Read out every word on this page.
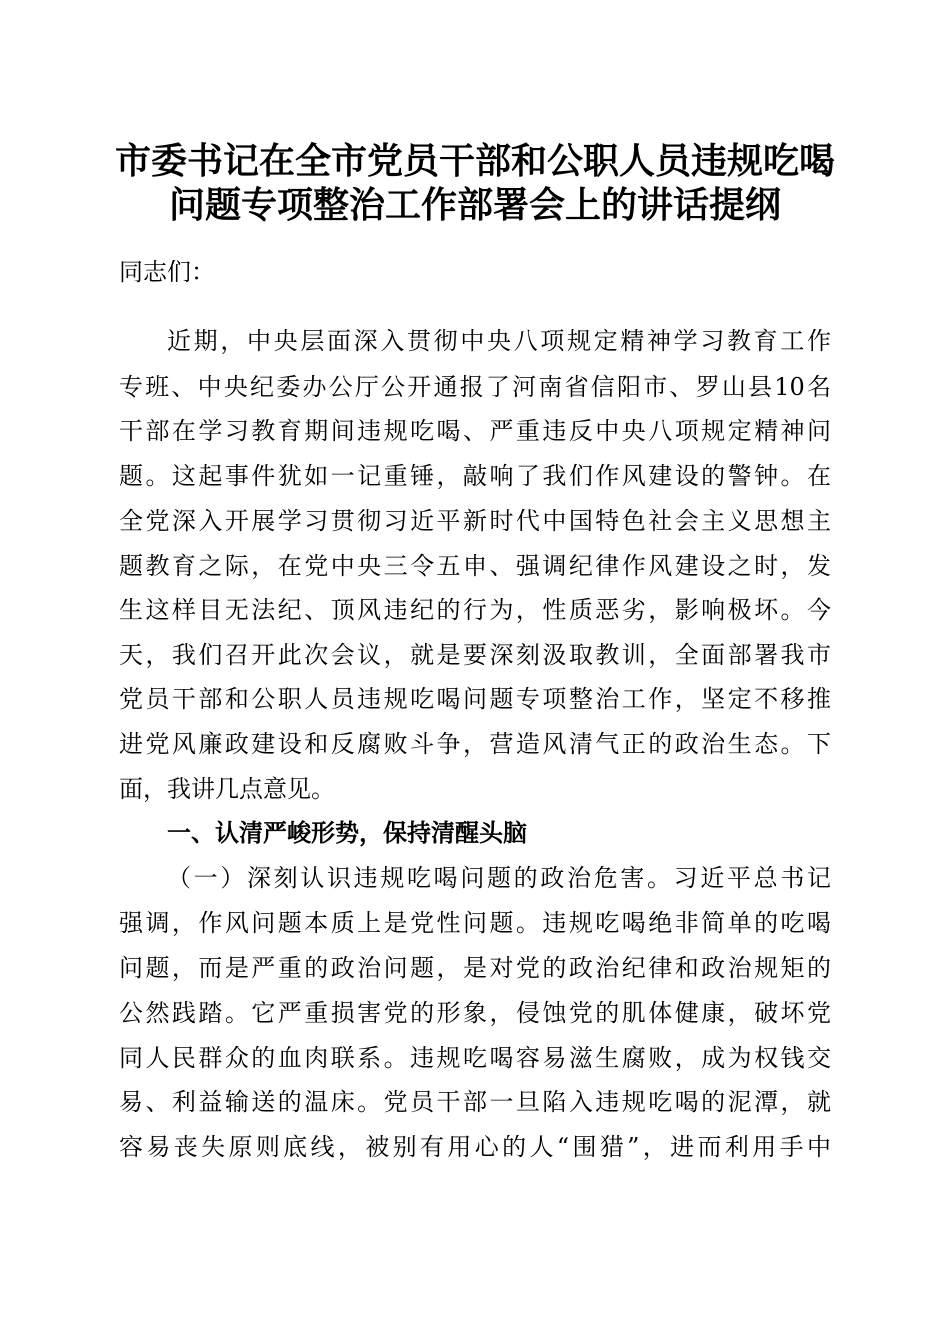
市委书记在全市党员干部和公职人员违规吃喝
问题专项整治工作部署会上的讲话提纲
同志们：
近期，中央层面深入贯彻中央八项规定精神学习教育工作
专班、中央纪委办公厅公开通报了河南省信阳市、罗山县10名
干部在学习教育期间违规吃喝、严重违反中央八项规定精神问
题。这起事件犹如一记重锤，敲响了我们作风建设的警钟。在
全党深入开展学习贯彻习近平新时代中国特色社会主义思想主
题教育之际，在党中央三令五申、强调纪律作风建设之时，发
生这样目无法纪、顶风违纪的行为，性质恶劣，影响极坏。今
天，我们召开此次会议，就是要深刻汲取教训，全面部署我市
党员干部和公职人员违规吃喝问题专项整治工作，坚定不移推
进党风廉政建设和反腐败斗争，营造风清气正的政治生态。下
面，我讲几点意见。
一、认清严峻形势，保持清醒头脑
（一）深刻认识违规吃喝问题的政治危害。习近平总书记
强调，作风问题本质上是党性问题。违规吃喝绝非简单的吃喝
问题，而是严重的政治问题，是对党的政治纪律和政治规矩的
公然践踏。它严重损害党的形象，侵蚀党的肌体健康，破坏党
同人民群众的血肉联系。违规吃喝容易滋生腐败，成为权钱交
易、利益输送的温床。党员干部一旦陷入违规吃喝的泥潭，就
容易丧失原则底线，被别有用心的人“围猎”，进而利用手中
